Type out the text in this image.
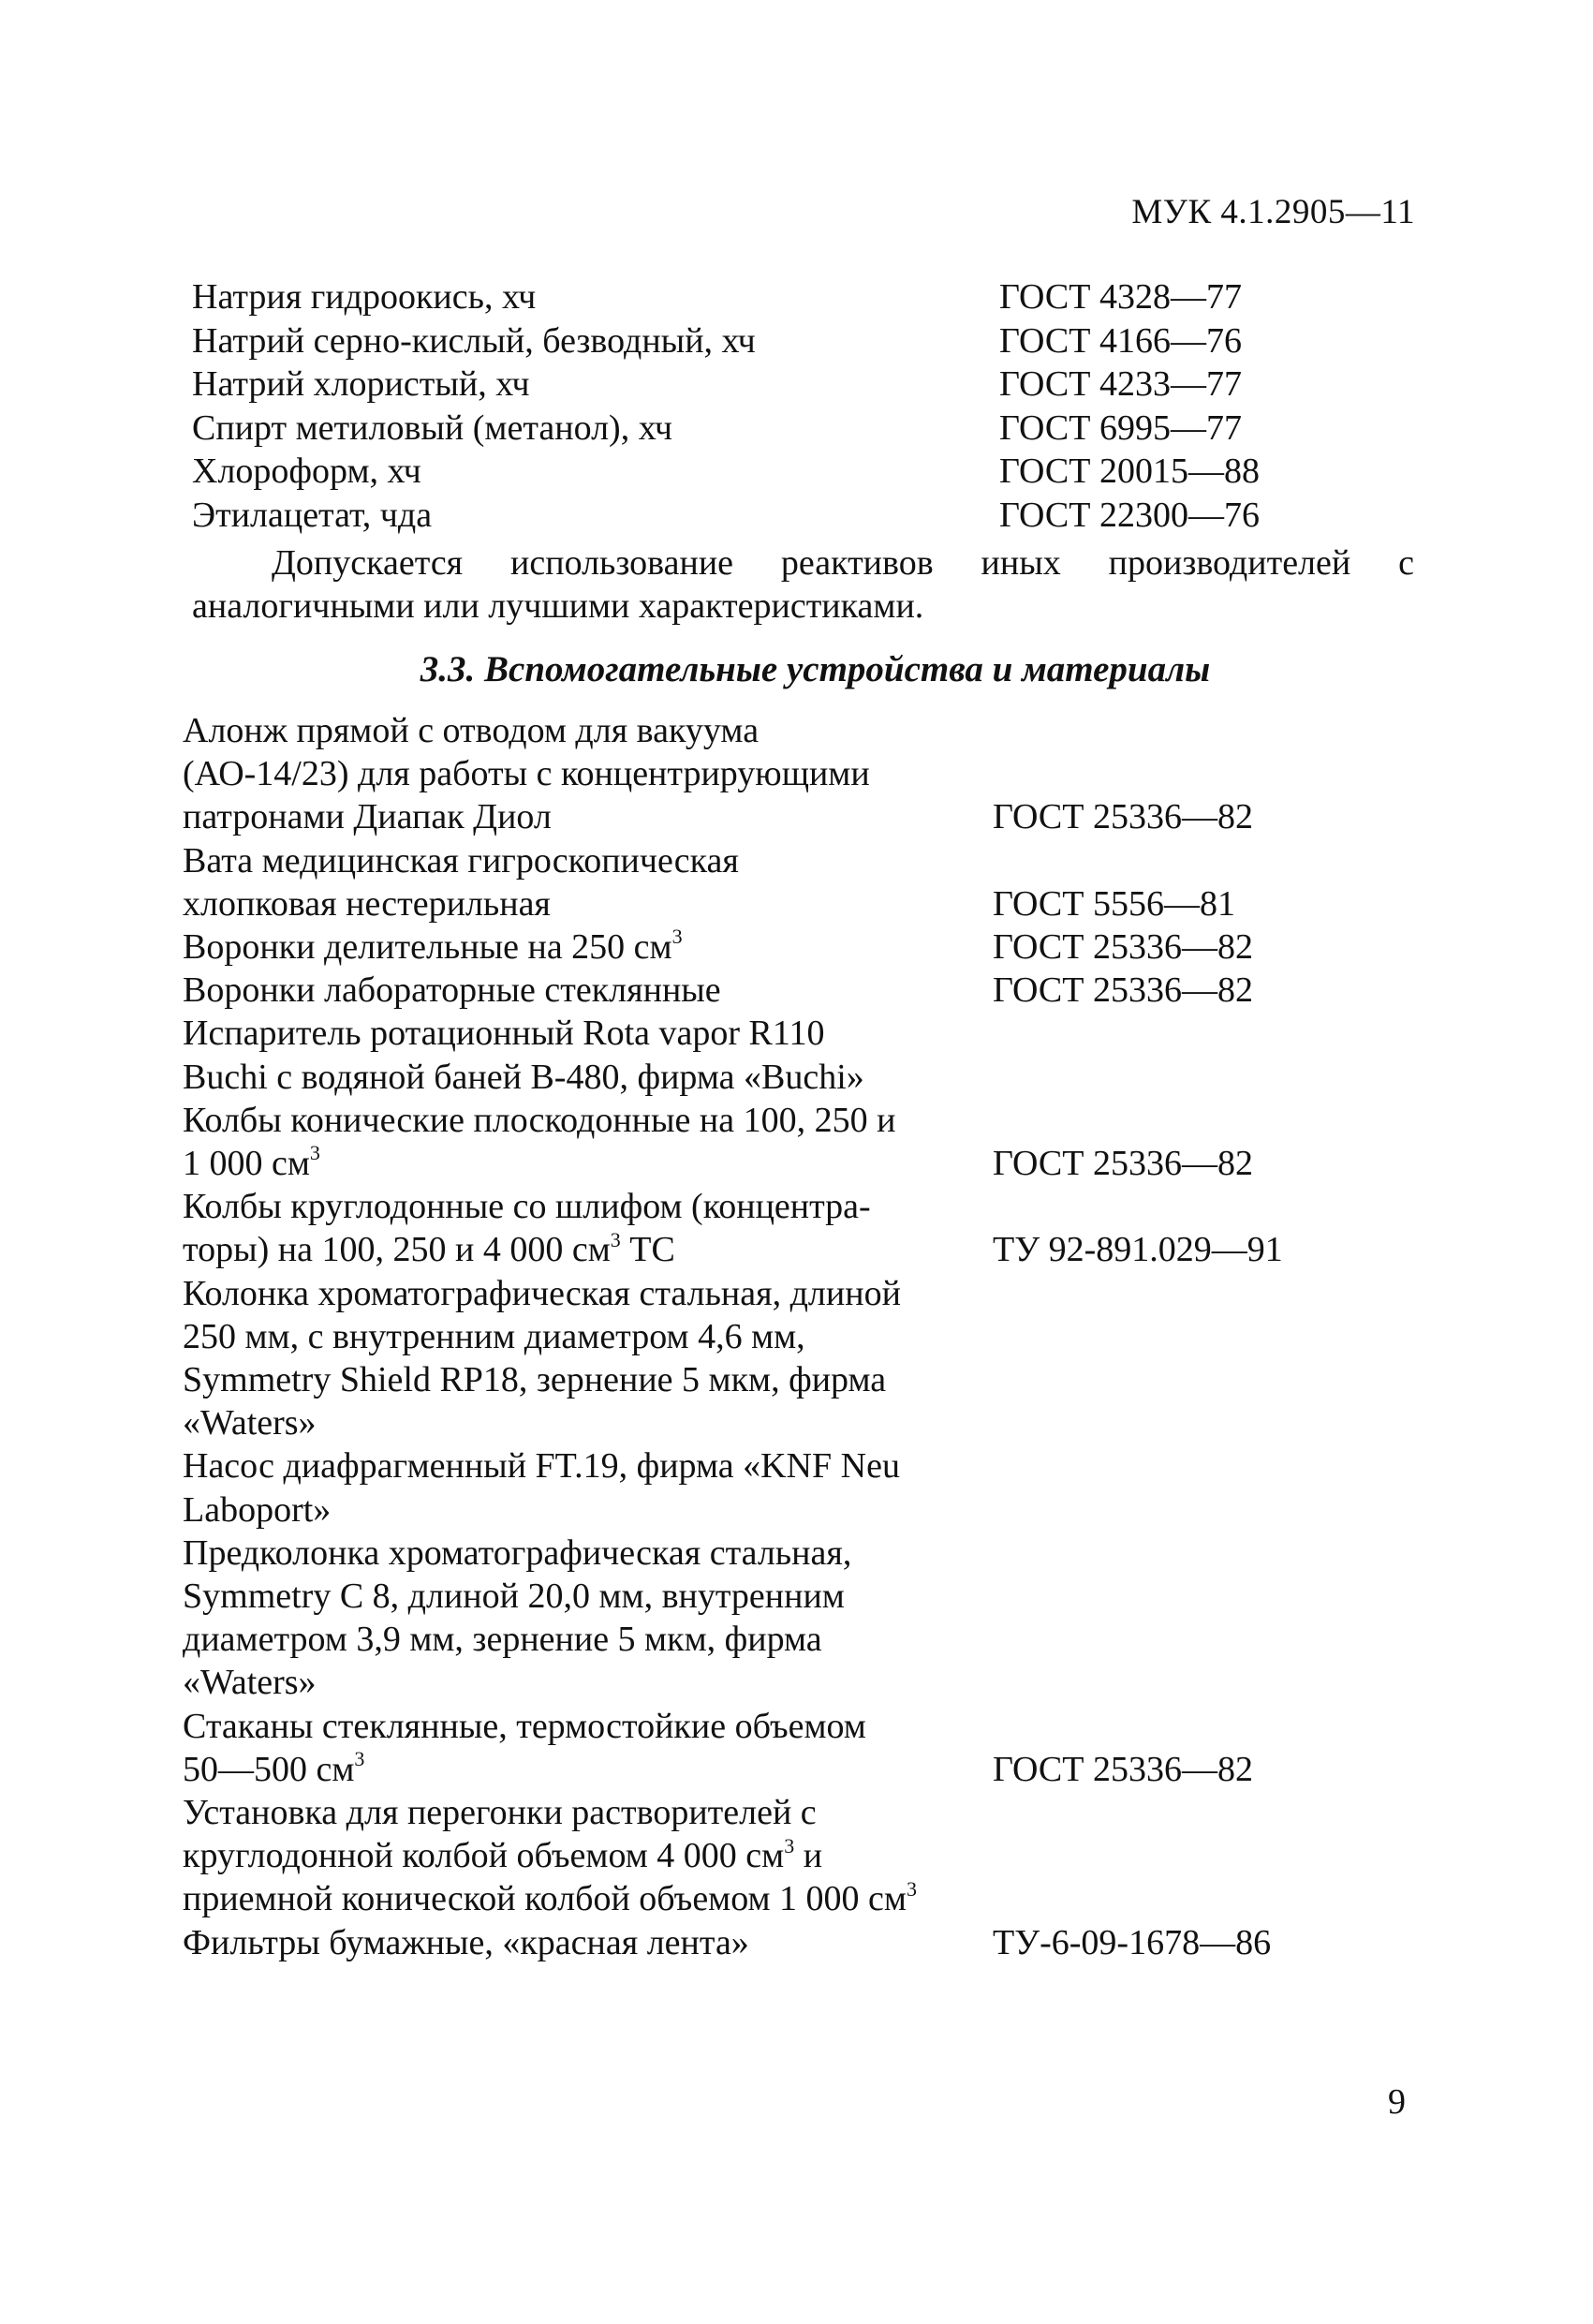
МУК 4.1.2905—11
Натрия гидроокись, хч	ГОСТ 4328—77
Натрий серно-кислый, безводный, хч	ГОСТ 4166—76
Натрий хлористый, хч	ГОСТ 4233—77
Спирт метиловый (метанол), хч	ГОСТ 6995—77
Хлороформ, хч	ГОСТ 20015—88
Этилацетат, чда	ГОСТ 22300—76
Допускается использование реактивов иных производителей с аналогичными или лучшими характеристиками.
3.3. Вспомогательные устройства и материалы
Алонж прямой с отводом для вакуума
(АО-14/23) для работы с концентрирующими
патронами Диапак Диол	ГОСТ 25336—82
Вата медицинская гигроскопическая
хлопковая нестерильная	ГОСТ 5556—81
Воронки делительные на 250 $см^3$	ГОСТ 25336—82
Воронки лабораторные стеклянные	ГОСТ 25336—82
Испаритель ротационный Rota vapor R110
Buchi с водяной баней В-480, фирма «Buchi»
Колбы конические плоскодонные на 100, 250 и
1 000 $см^3$	ГОСТ 25336—82
Колбы круглодонные со шлифом (концентра-
торы) на 100, 250 и 4 000 $см^3$ ТС	ТУ 92-891.029—91
Колонка хроматографическая стальная, длиной
250 мм, с внутренним диаметром 4,6 мм,
Symmetry Shield RP18, зернение 5 мкм, фирма
«Waters»
Насос диафрагменный FT.19, фирма «KNF Neu
Laboport»
Предколонка хроматографическая стальная,
Symmetry С 8, длиной 20,0 мм, внутренним
диаметром 3,9 мм, зернение 5 мкм, фирма
«Waters»
Стаканы стеклянные, термостойкие объемом
50—500 $см^3$	ГОСТ 25336—82
Установка для перегонки растворителей с
круглодонной колбой объемом 4 000 $см^3$ и
приемной конической колбой объемом 1 000 $см^3$
Фильтры бумажные, «красная лента»	ТУ-6-09-1678—86
9
